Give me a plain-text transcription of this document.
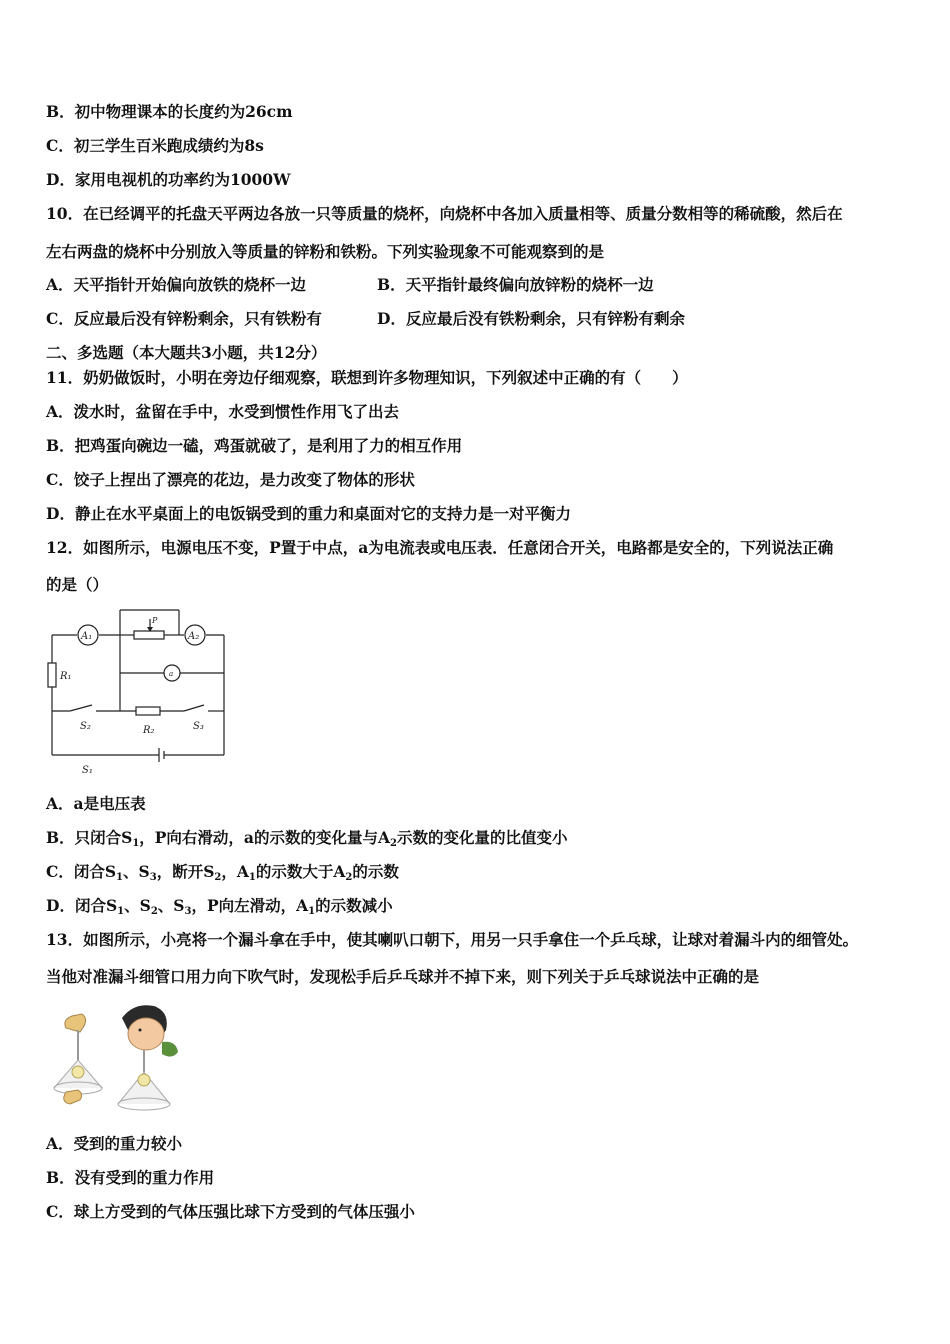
B．初中物理课本的长度约为26cm
C．初三学生百米跑成绩约为8s
D．家用电视机的功率约为1000W
10．在已经调平的托盘天平两边各放一只等质量的烧杯，向烧杯中各加入质量相等、质量分数相等的稀硫酸，然后在
左右两盘的烧杯中分别放入等质量的锌粉和铁粉。下列实验现象不可能观察到的是
A．天平指针开始偏向放铁的烧杯一边	B．天平指针最终偏向放锌粉的烧杯一边
C．反应最后没有锌粉剩余，只有铁粉有	D．反应最后没有铁粉剩余，只有锌粉有剩余
二、多选题（本大题共3小题，共12分）
11．奶奶做饭时，小明在旁边仔细观察，联想到许多物理知识，下列叙述中正确的有（　　）
A．泼水时，盆留在手中，水受到惯性作用飞了出去
B．把鸡蛋向碗边一磕，鸡蛋就破了，是利用了力的相互作用
C．饺子上捏出了漂亮的花边，是力改变了物体的形状
D．静止在水平桌面上的电饭锅受到的重力和桌面对它的支持力是一对平衡力
12．如图所示，电源电压不变，P置于中点，a为电流表或电压表．任意闭合开关，电路都是安全的，下列说法正确
的是（）
A₁	A₂
a
P
R₁
R₂
S₂	S₃
S₁
A．a是电压表
B．只闭合$S_1$，P向右滑动，a的示数的变化量与$A_2$示数的变化量的比值变小
C．闭合$S_1$、$S_3$，断开$S_2$，$A_1$的示数大于$A_2$的示数
D．闭合$S_1$、$S_2$、$S_3$，P向左滑动，$A_1$的示数减小
13．如图所示，小亮将一个漏斗拿在手中，使其喇叭口朝下，用另一只手拿住一个乒乓球，让球对着漏斗内的细管处。
当他对准漏斗细管口用力向下吹气时，发现松手后乒乓球并不掉下来，则下列关于乒乓球说法中正确的是
A．受到的重力较小
B．没有受到的重力作用
C．球上方受到的气体压强比球下方受到的气体压强小
